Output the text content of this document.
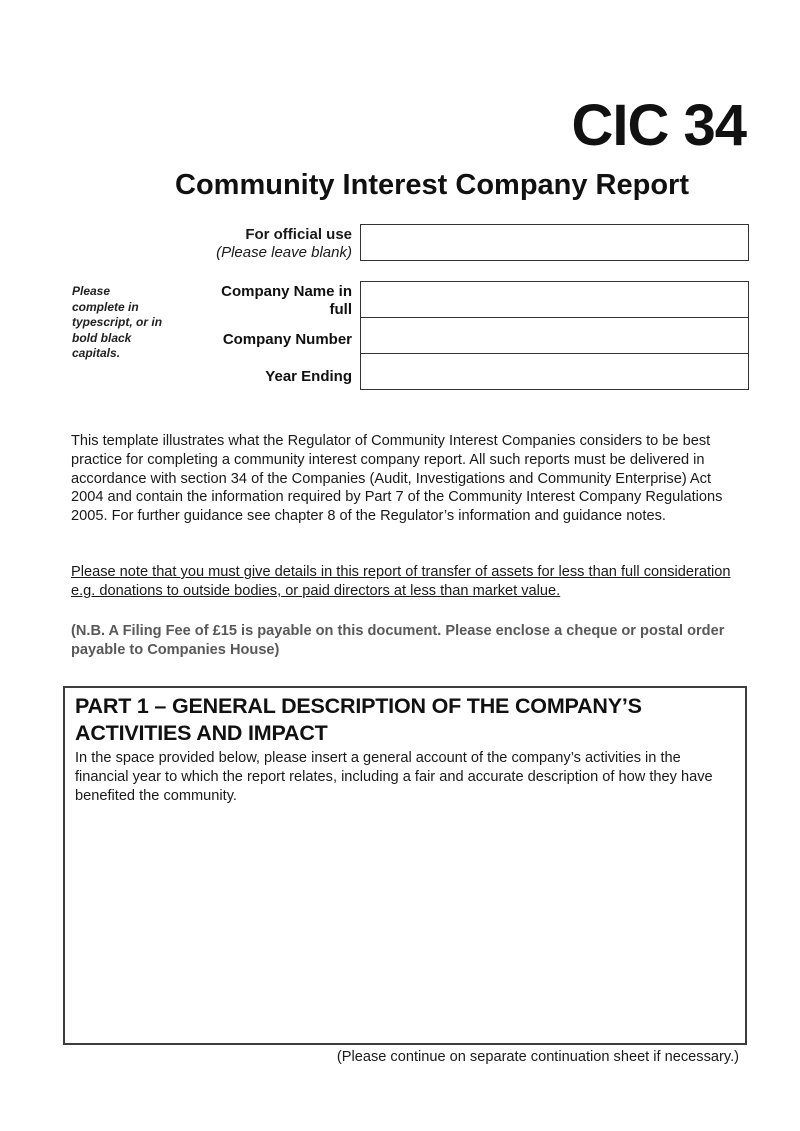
CIC 34
Community Interest Company Report
For official use
(Please leave blank)
Please complete in typescript, or in bold black capitals.
Company Name in full
Company Number
Year Ending

This template illustrates what the Regulator of Community Interest Companies considers to be best practice for completing a community interest company report. All such reports must be delivered in accordance with section 34 of the Companies (Audit, Investigations and Community Enterprise) Act 2004 and contain the information required by Part 7 of the Community Interest Company Regulations 2005. For further guidance see chapter 8 of the Regulator’s information and guidance notes.

Please note that you must give details in this report of transfer of assets for less than full consideration e.g. donations to outside bodies, or paid directors at less than market value.

(N.B. A Filing Fee of £15 is payable on this document. Please enclose a cheque or postal order payable to Companies House)

PART 1 – GENERAL DESCRIPTION OF THE COMPANY’S ACTIVITIES AND IMPACT
In the space provided below, please insert a general account of the company’s activities in the financial year to which the report relates, including a fair and accurate description of how they have benefited the community.
(Please continue on separate continuation sheet if necessary.)
